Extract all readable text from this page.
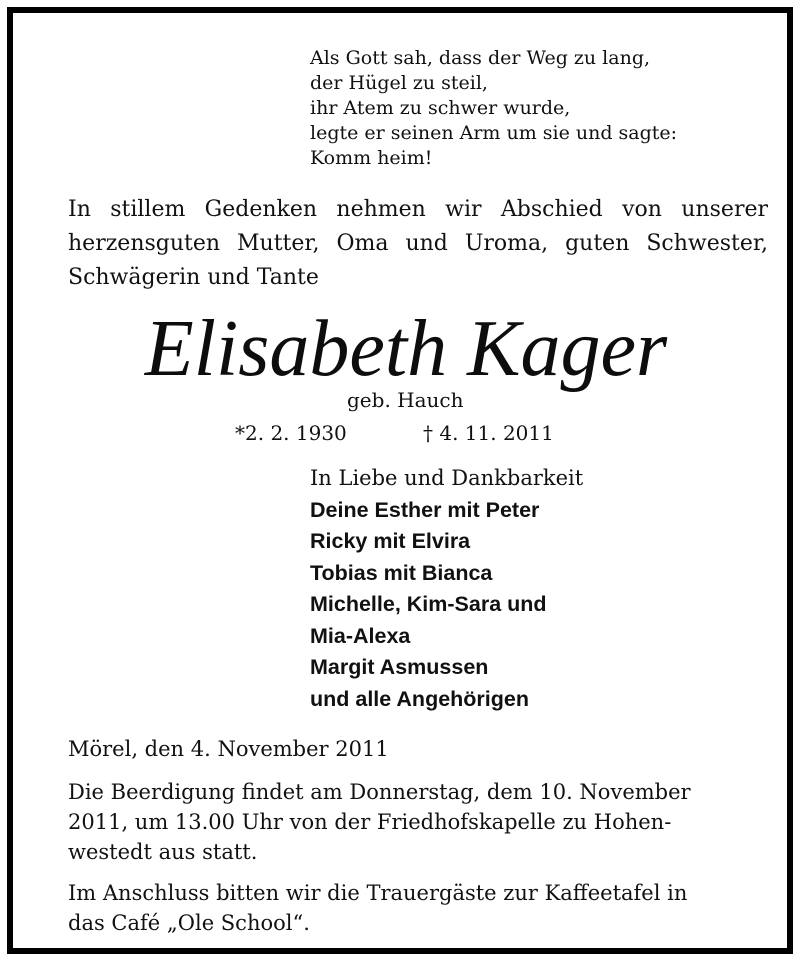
Als Gott sah, dass der Weg zu lang,
der Hügel zu steil,
ihr Atem zu schwer wurde,
legte er seinen Arm um sie und sagte:
Komm heim!
In stillem Gedenken nehmen wir Abschied von unserer herzensguten Mutter, Oma und Uroma, guten Schwester, Schwägerin und Tante
Elisabeth Kager
geb. Hauch
*2. 2. 1930	† 4. 11. 2011
In Liebe und Dankbarkeit
Deine Esther mit Peter
Ricky mit Elvira
Tobias mit Bianca
Michelle, Kim-Sara und
Mia-Alexa
Margit Asmussen
und alle Angehörigen
Mörel, den 4. November 2011
Die Beerdigung findet am Donnerstag, dem 10. November
2011, um 13.00 Uhr von der Friedhofskapelle zu Hohen-
westedt aus statt.
Im Anschluss bitten wir die Trauergäste zur Kaffeetafel in
das Café „Ole School“.
